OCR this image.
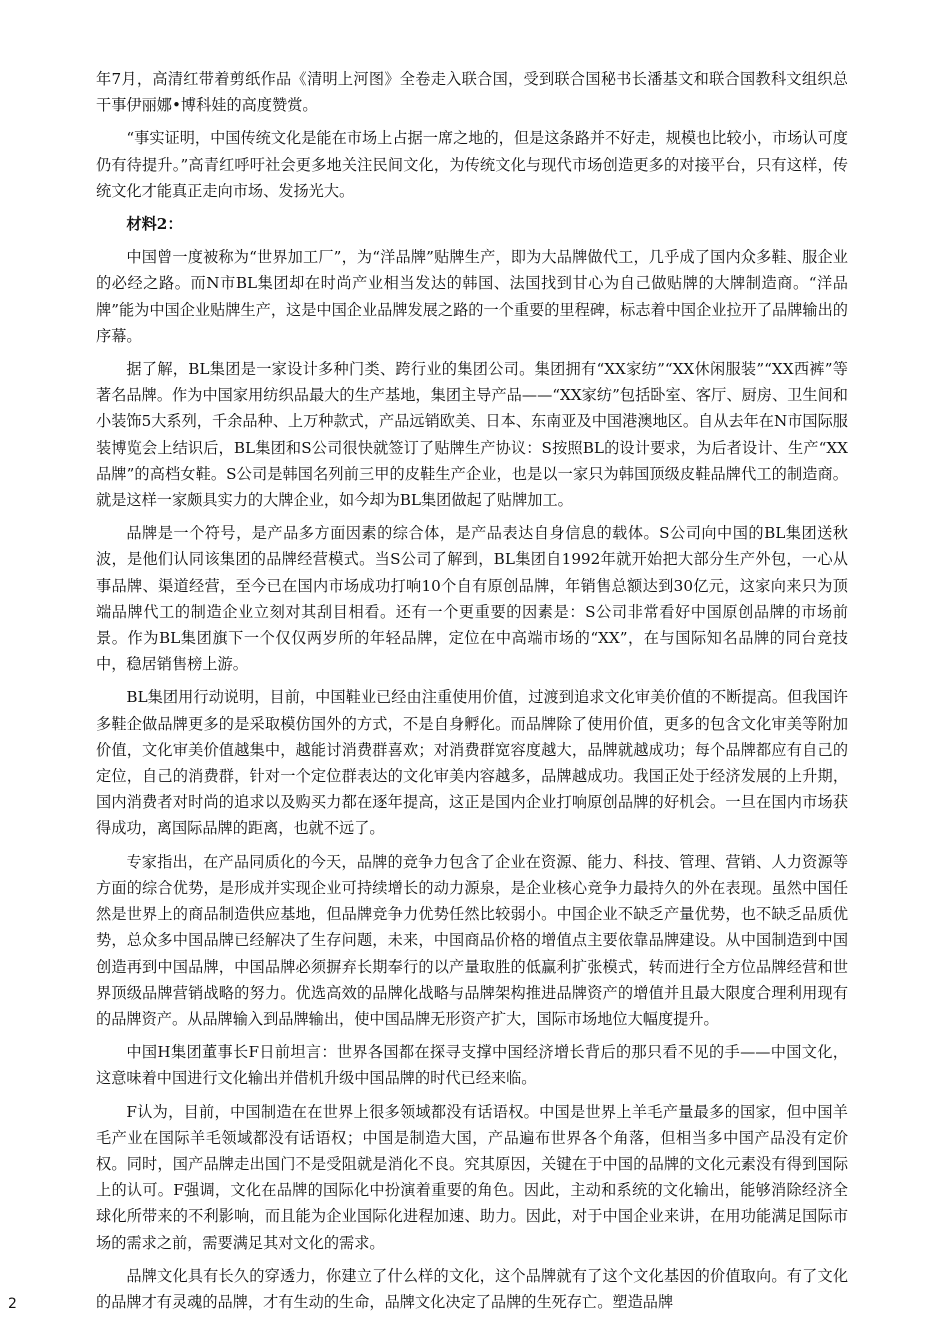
年7月，高清红带着剪纸作品《清明上河图》全卷走入联合国，受到联合国秘书长潘基文和联合国教科文组织总干事伊丽娜•博科娃的高度赞赏。

“事实证明，中国传统文化是能在市场上占据一席之地的，但是这条路并不好走，规模也比较小，市场认可度仍有待提升。”高青红呼吁社会更多地关注民间文化，为传统文化与现代市场创造更多的对接平台，只有这样，传统文化才能真正走向市场、发扬光大。

材料2：

中国曾一度被称为“世界加工厂”，为“洋品牌”贴牌生产，即为大品牌做代工，几乎成了国内众多鞋、服企业的必经之路。而N市BL集团却在时尚产业相当发达的韩国、法国找到甘心为自己做贴牌的大牌制造商。“洋品牌”能为中国企业贴牌生产，这是中国企业品牌发展之路的一个重要的里程碑，标志着中国企业拉开了品牌输出的序幕。

据了解，BL集团是一家设计多种门类、跨行业的集团公司。集团拥有“XX家纺”“XX休闲服装”“XX西裤”等著名品牌。作为中国家用纺织品最大的生产基地，集团主导产品——“XX家纺”包括卧室、客厅、厨房、卫生间和小装饰5大系列，千余品种、上万种款式，产品远销欧美、日本、东南亚及中国港澳地区。自从去年在N市国际服装博览会上结识后，BL集团和S公司很快就签订了贴牌生产协议：S按照BL的设计要求，为后者设计、生产“XX品牌”的高档女鞋。S公司是韩国名列前三甲的皮鞋生产企业，也是以一家只为韩国顶级皮鞋品牌代工的制造商。就是这样一家颇具实力的大牌企业，如今却为BL集团做起了贴牌加工。

品牌是一个符号，是产品多方面因素的综合体，是产品表达自身信息的载体。S公司向中国的BL集团送秋波，是他们认同该集团的品牌经营模式。当S公司了解到，BL集团自1992年就开始把大部分生产外包，一心从事品牌、渠道经营，至今已在国内市场成功打响10个自有原创品牌，年销售总额达到30亿元，这家向来只为顶端品牌代工的制造企业立刻对其刮目相看。还有一个更重要的因素是：S公司非常看好中国原创品牌的市场前景。作为BL集团旗下一个仅仅两岁所的年轻品牌，定位在中高端市场的“XX”，在与国际知名品牌的同台竞技中，稳居销售榜上游。

BL集团用行动说明，目前，中国鞋业已经由注重使用价值，过渡到追求文化审美价值的不断提高。但我国许多鞋企做品牌更多的是采取模仿国外的方式，不是自身孵化。而品牌除了使用价值，更多的包含文化审美等附加价值，文化审美价值越集中，越能讨消费群喜欢；对消费群宽容度越大，品牌就越成功；每个品牌都应有自己的定位，自己的消费群，针对一个定位群表达的文化审美内容越多，品牌越成功。我国正处于经济发展的上升期，国内消费者对时尚的追求以及购买力都在逐年提高，这正是国内企业打响原创品牌的好机会。一旦在国内市场获得成功，离国际品牌的距离，也就不远了。

专家指出，在产品同质化的今天，品牌的竞争力包含了企业在资源、能力、科技、管理、营销、人力资源等方面的综合优势，是形成并实现企业可持续增长的动力源泉，是企业核心竞争力最持久的外在表现。虽然中国任然是世界上的商品制造供应基地，但品牌竞争力优势任然比较弱小。中国企业不缺乏产量优势，也不缺乏品质优势，总众多中国品牌已经解决了生存问题，未来，中国商品价格的增值点主要依靠品牌建设。从中国制造到中国创造再到中国品牌，中国品牌必须摒弃长期奉行的以产量取胜的低赢利扩张模式，转而进行全方位品牌经营和世界顶级品牌营销战略的努力。优选高效的品牌化战略与品牌架构推进品牌资产的增值并且最大限度合理利用现有的品牌资产。从品牌输入到品牌输出，使中国品牌无形资产扩大，国际市场地位大幅度提升。

中国H集团董事长F日前坦言：世界各国都在探寻支撑中国经济增长背后的那只看不见的手——中国文化，这意味着中国进行文化输出并借机升级中国品牌的时代已经来临。

F认为，目前，中国制造在在世界上很多领域都没有话语权。中国是世界上羊毛产量最多的国家，但中国羊毛产业在国际羊毛领域都没有话语权；中国是制造大国，产品遍布世界各个角落，但相当多中国产品没有定价权。同时，国产品牌走出国门不是受阻就是消化不良。究其原因，关键在于中国的品牌的文化元素没有得到国际上的认可。F强调，文化在品牌的国际化中扮演着重要的角色。因此，主动和系统的文化输出，能够消除经济全球化所带来的不利影响，而且能为企业国际化进程加速、助力。因此，对于中国企业来讲，在用功能满足国际市场的需求之前，需要满足其对文化的需求。

品牌文化具有长久的穿透力，你建立了什么样的文化，这个品牌就有了这个文化基因的价值取向。有了文化的品牌才有灵魂的品牌，才有生动的生命，品牌文化决定了品牌的生死存亡。塑造品牌

2
